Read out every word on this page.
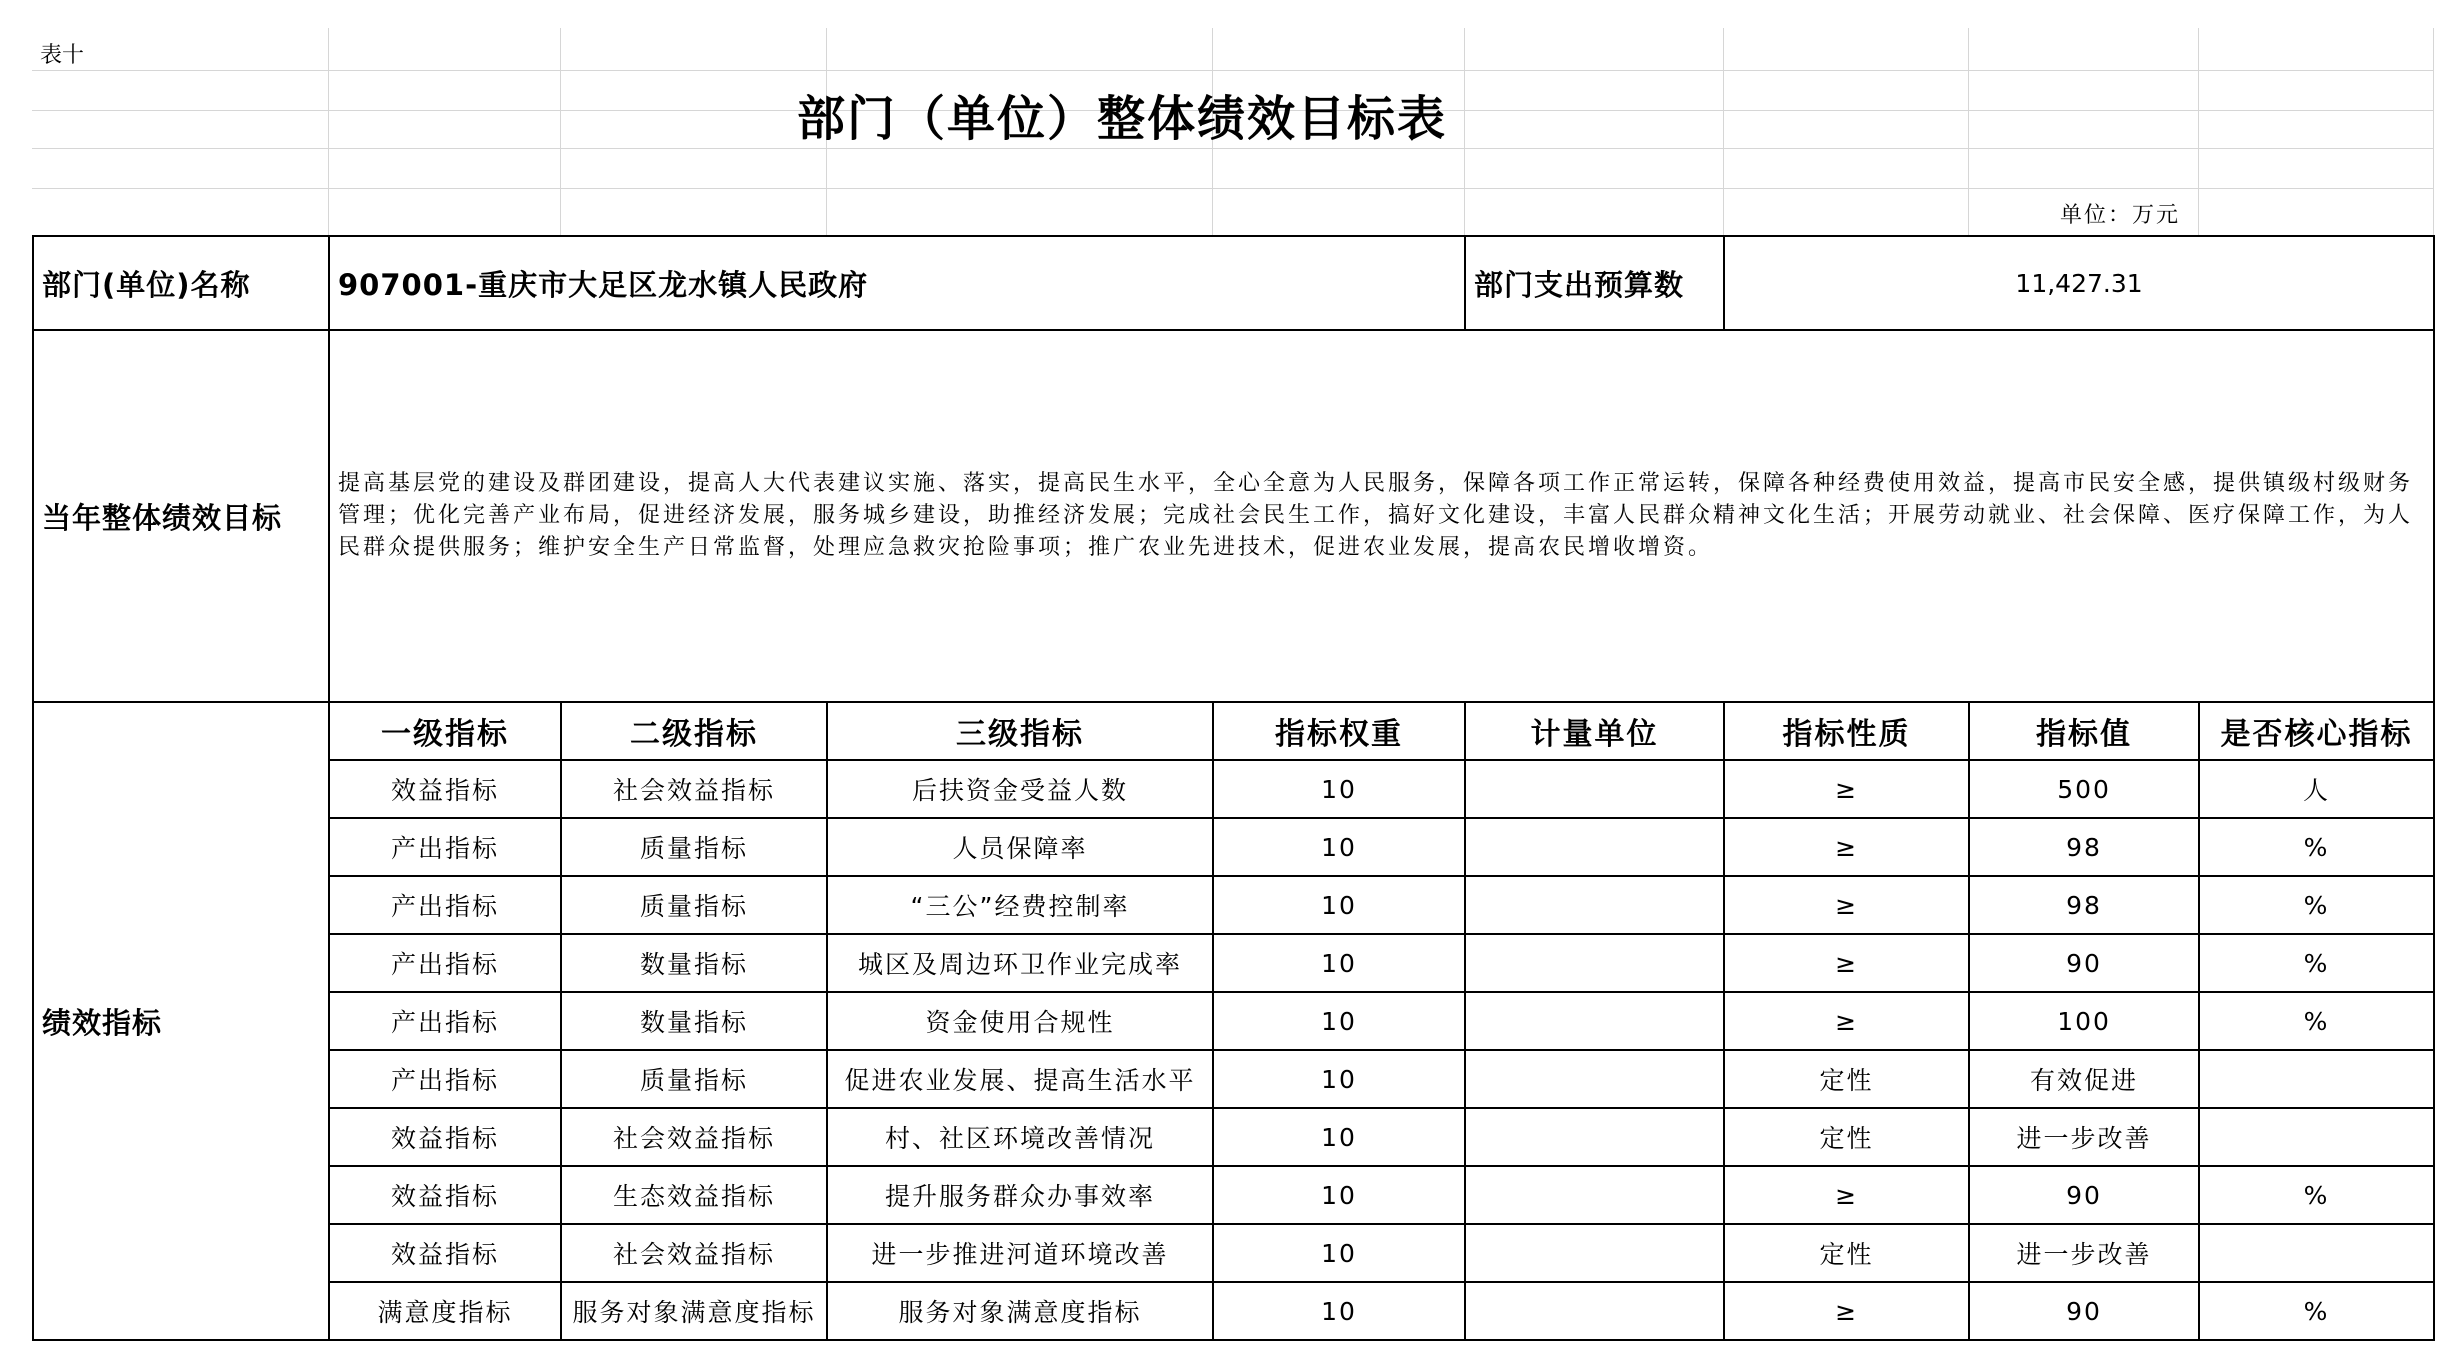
表十
部门（单位）整体绩效目标表
单位：万元
部门(单位)名称	907001-重庆市大足区龙水镇人民政府				部门支出预算数	11,427.31		
当年整体绩效目标	提高基层党的建设及群团建设，提高人大代表建议实施、落实，提高民生水平，全心全意为人民服务，保障各项工作正常运转，保障各种经费使用效益，提高市民安全感，提供镇级村级财务管理；优化完善产业布局，促进经济发展，服务城乡建设，助推经济发展；完成社会民生工作，搞好文化建设，丰富人民群众精神文化生活；开展劳动就业、社会保障、医疗保障工作，为人民群众提供服务；维护安全生产日常监督，处理应急救灾抢险事项；推广农业先进技术，促进农业发展，提高农民增收增资。							
绩效指标	一级指标	二级指标	三级指标	指标权重	计量单位	指标性质	指标值	是否核心指标
	效益指标	社会效益指标	后扶资金受益人数	10		≥	500	人
	产出指标	质量指标	人员保障率	10		≥	98	%
	产出指标	质量指标	“三公”经费控制率	10		≥	98	%
	产出指标	数量指标	城区及周边环卫作业完成率	10		≥	90	%
	产出指标	数量指标	资金使用合规性	10		≥	100	%
	产出指标	质量指标	促进农业发展、提高生活水平	10		定性	有效促进	
	效益指标	社会效益指标	村、社区环境改善情况	10		定性	进一步改善	
	效益指标	生态效益指标	提升服务群众办事效率	10		≥	90	%
	效益指标	社会效益指标	进一步推进河道环境改善	10		定性	进一步改善	
	满意度指标	服务对象满意度指标	服务对象满意度指标	10		≥	90	%
